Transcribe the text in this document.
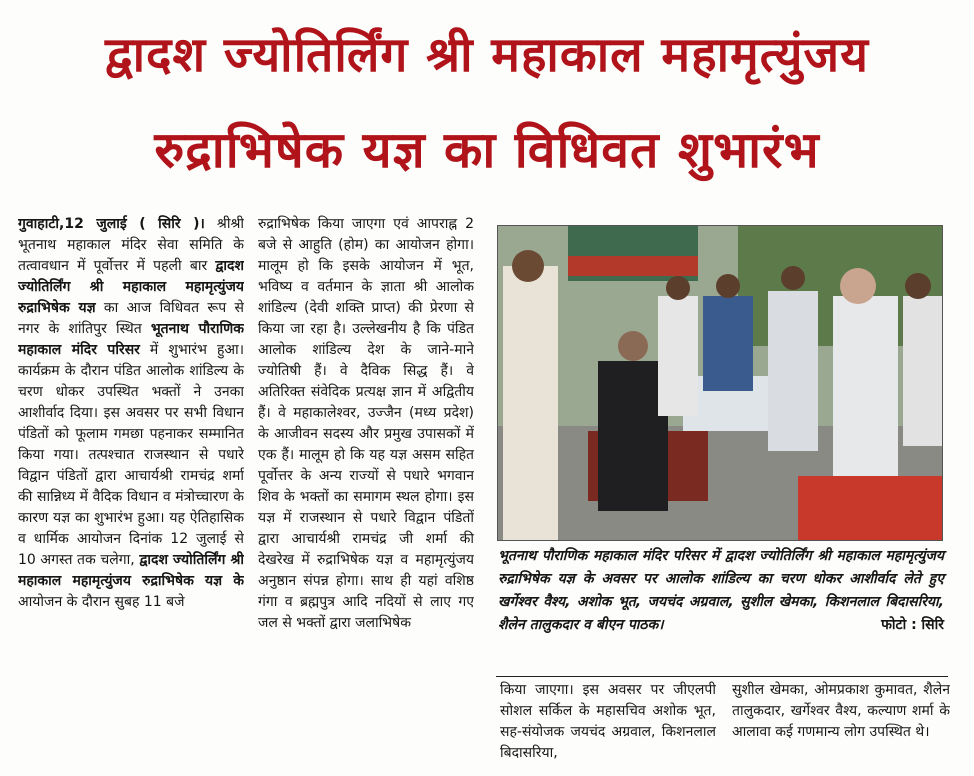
द्वादश ज्योतिर्लिंग श्री महाकाल महामृत्युंजय
रुद्राभिषेक यज्ञ का विधिवत शुभारंभ

गुवाहाटी,12 जुलाई ( सिरि )। श्रीश्री भूतनाथ महाकाल मंदिर सेवा समिति के तत्वावधान में पूर्वोत्तर में पहली बार द्वादश ज्योतिर्लिंग श्री महाकाल महामृत्युंजय रुद्राभिषेक यज्ञ का आज विधिवत रूप से नगर के शांतिपुर स्थित भूतनाथ पौराणिक महाकाल मंदिर परिसर में शुभारंभ हुआ। कार्यक्रम के दौरान पंडित आलोक शांडिल्य के चरण धोकर उपस्थित भक्तों ने उनका आशीर्वाद दिया। इस अवसर पर सभी विधान पंडितों को फूलाम गमछा पहनाकर सम्मानित किया गया। तत्पश्चात राजस्थान से पधारे विद्वान पंडितों द्वारा आचार्यश्री रामचंद्र शर्मा की सान्निध्य में वैदिक विधान व मंत्रोच्चारण के कारण यज्ञ का शुभारंभ हुआ। यह ऐतिहासिक व धार्मिक आयोजन दिनांक 12 जुलाई से 10 अगस्त तक चलेगा, द्वादश ज्योतिर्लिंग श्री महाकाल महामृत्युंजय रुद्राभिषेक यज्ञ के आयोजन के दौरान सुबह 11 बजे

रुद्राभिषेक किया जाएगा एवं आपराह्न 2 बजे से आहुति (होम) का आयोजन होगा। मालूम हो कि इसके आयोजन में भूत, भविष्य व वर्तमान के ज्ञाता श्री आलोक शांडिल्य (देवी शक्ति प्राप्त) की प्रेरणा से किया जा रहा है। उल्लेखनीय है कि पंडित आलोक शांडिल्य देश के जाने-माने ज्योतिषी हैं। वे दैविक सिद्ध हैं। वे अतिरिक्त संवेदिक प्रत्यक्ष ज्ञान में अद्वितीय हैं। वे महाकालेश्वर, उज्जैन (मध्य प्रदेश) के आजीवन सदस्य और प्रमुख उपासकों में एक हैं। मालूम हो कि यह यज्ञ असम सहित पूर्वोत्तर के अन्य राज्यों से पधारे भगवान शिव के भक्तों का समागम स्थल होगा। इस यज्ञ में राजस्थान से पधारे विद्वान पंडितों द्वारा आचार्यश्री रामचंद्र जी शर्मा की देखरेख में रुद्राभिषेक यज्ञ व महामृत्युंजय अनुष्ठान संपन्न होगा। साथ ही यहां वशिष्ठ गंगा व ब्रह्मपुत्र आदि नदियों से लाए गए जल से भक्तों द्वारा जलाभिषेक

भूतनाथ पौराणिक महाकाल मंदिर परिसर में द्वादश ज्योतिर्लिंग श्री महाकाल महामृत्युंजय रुद्राभिषेक यज्ञ के अवसर पर आलोक शांडिल्य का चरण धोकर आशीर्वाद लेते हुए खर्गेश्वर वैश्य, अशोक भूत, जयचंद अग्रवाल, सुशील खेमका, किशनलाल बिदासरिया, शैलेन तालुकदार व बीएन पाठक।	फोटो : सिरि

किया जाएगा। इस अवसर पर जीएलपी सोशल सर्किल के महासचिव अशोक भूत, सह-संयोजक जयचंद अग्रवाल, किशनलाल बिदासरिया,

सुशील खेमका, ओमप्रकाश कुमावत, शैलेन तालुकदार, खर्गेश्वर वैश्य, कल्याण शर्मा के आलावा कई गणमान्य लोग उपस्थित थे।
